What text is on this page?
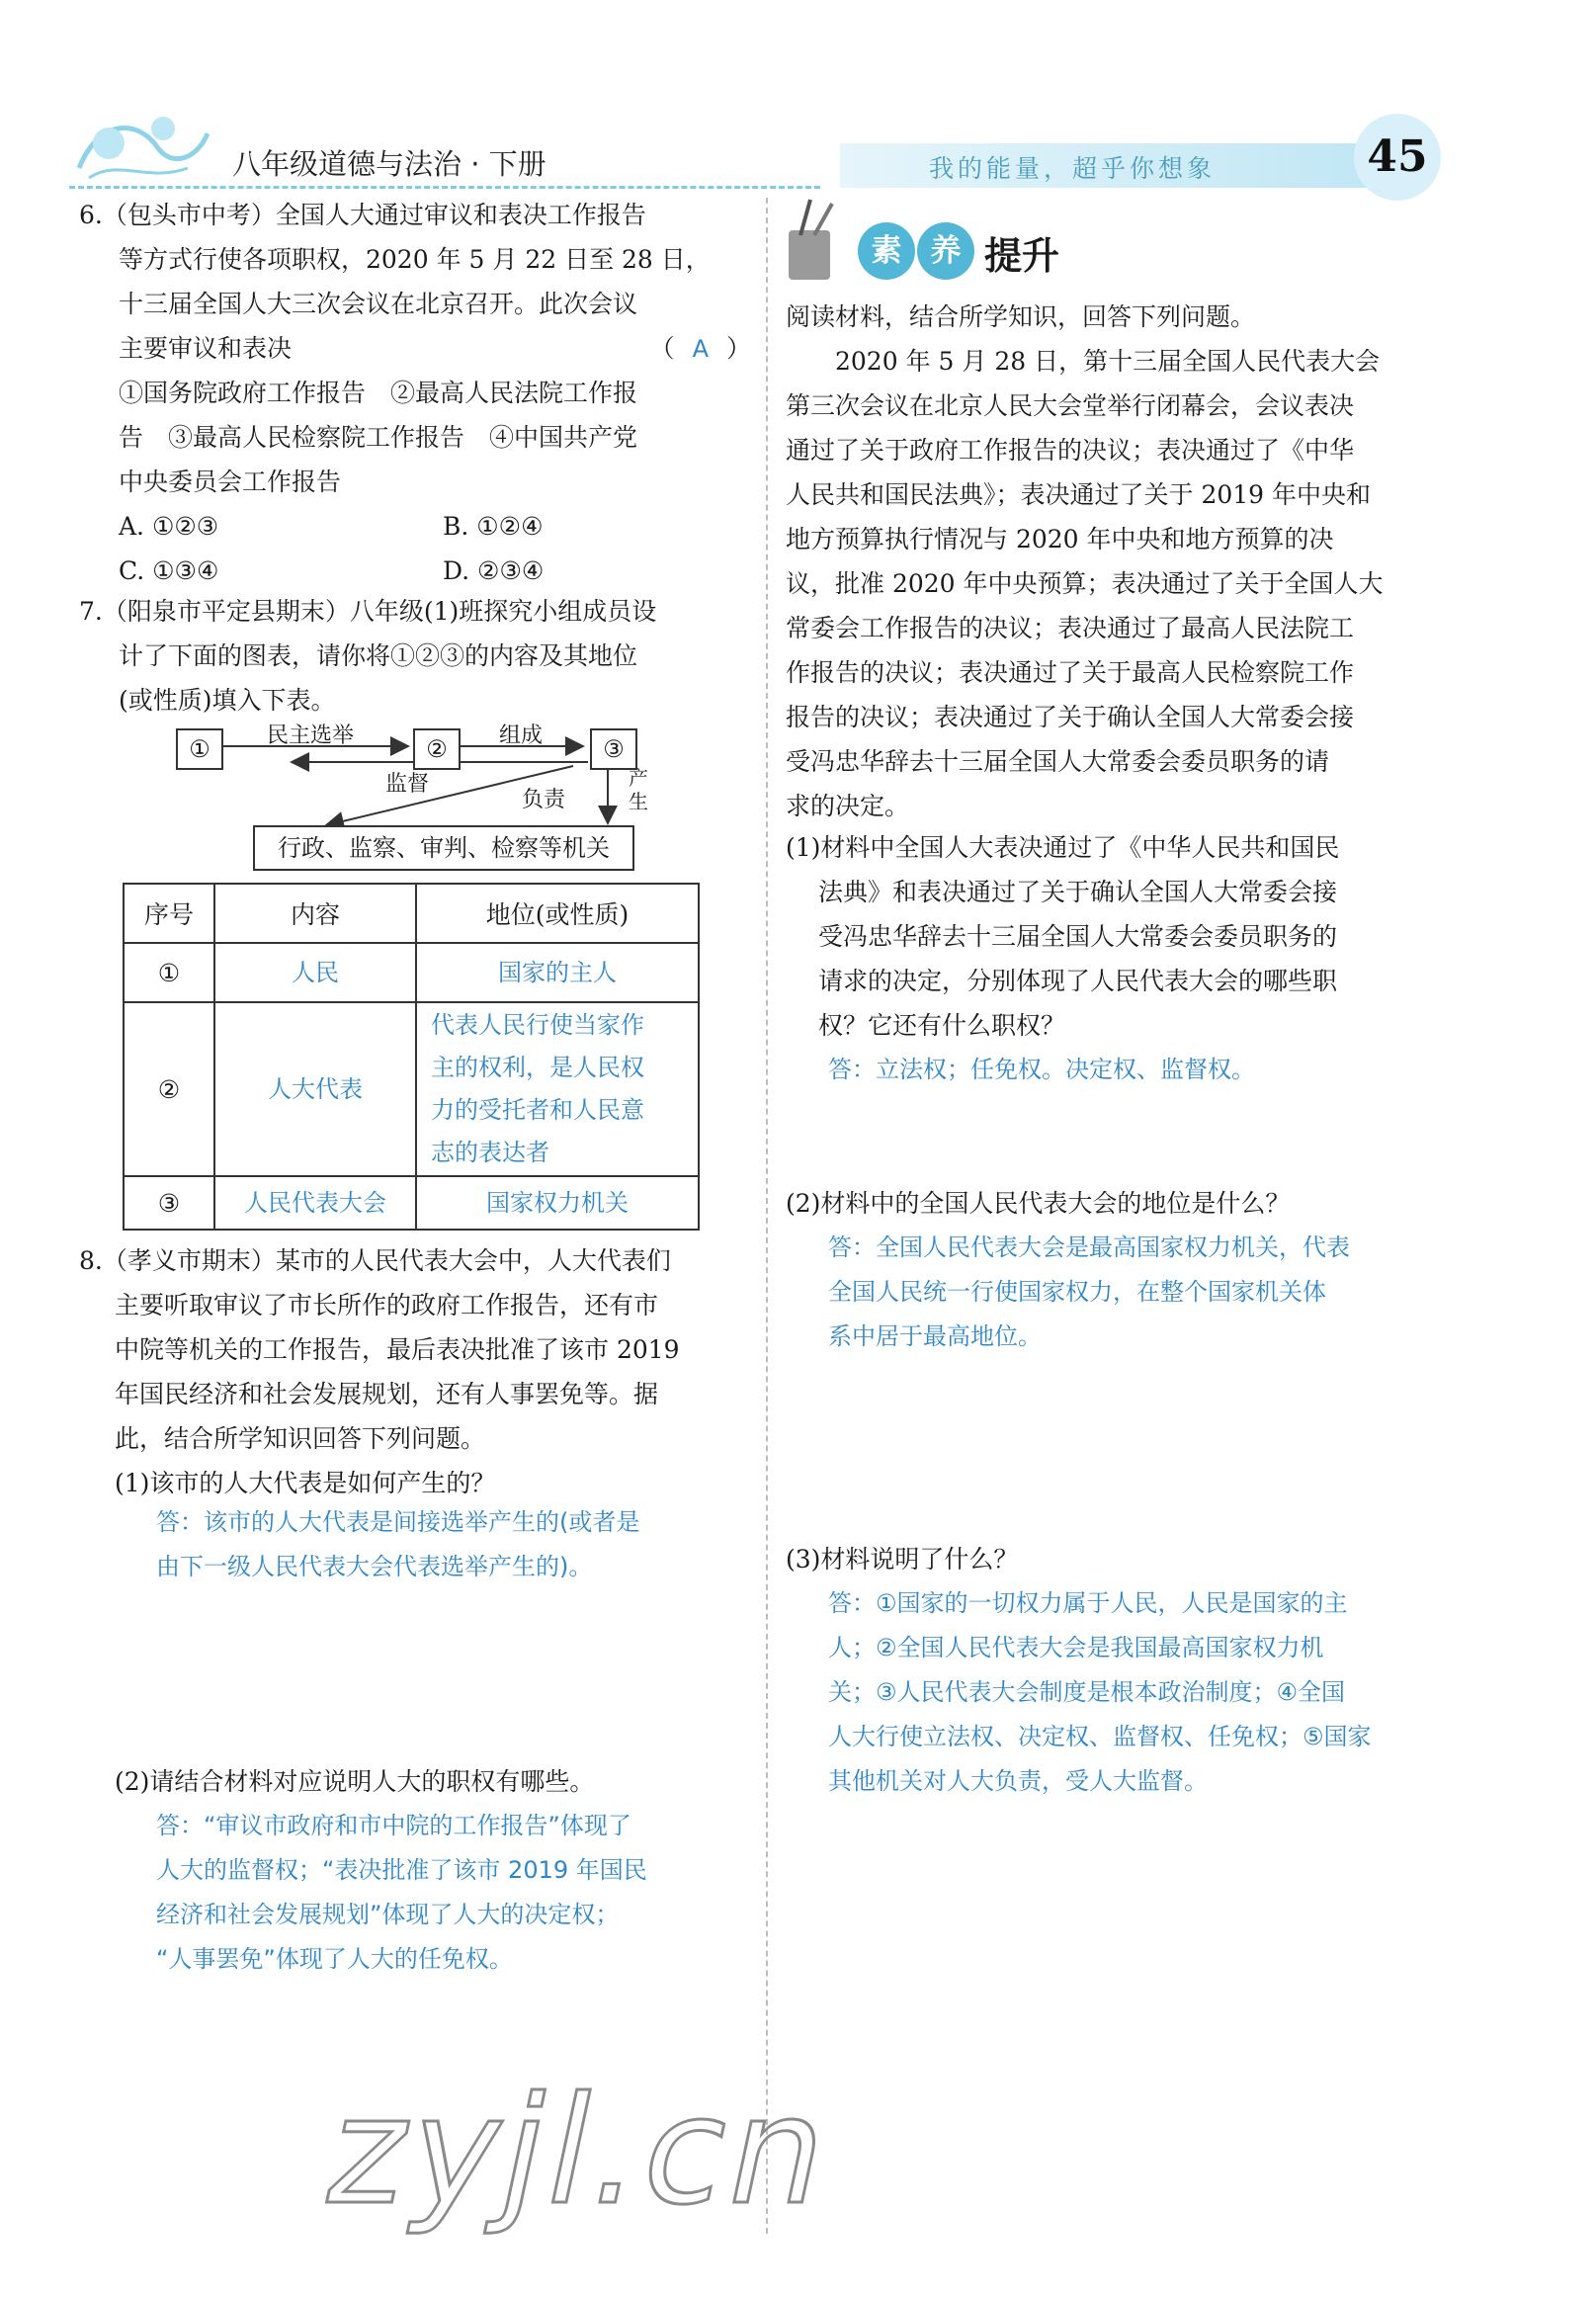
八年级道德与法治 · 下册	我的能量，超乎你想象	45
6.（包头市中考）全国人大通过审议和表决工作报告
等方式行使各项职权，2020 年 5 月 22 日至 28 日，
十三届全国人大三次会议在北京召开。此次会议
主要审议和表决	（ A ）
①国务院政府工作报告　②最高人民法院工作报
告　③最高人民检察院工作报告　④中国共产党
中央委员会工作报告
A. ①②③	B. ①②④
C. ①③④	D. ②③④
7.（阳泉市平定县期末）八年级(1)班探究小组成员设
计了下面的图表，请你将①②③的内容及其地位
(或性质)填入下表。
①	②	③
民主选举	组成
监督
负责
产生
行政、监察、审判、检察等机关
序号	内容	地位(或性质)
①	人民	国家的主人
②	人大代表	代表人民行使当家作
主的权利，是人民权
力的受托者和人民意
志的表达者

③	人民代表大会	国家权力机关
8.（孝义市期末）某市的人民代表大会中，人大代表们
主要听取审议了市长所作的政府工作报告，还有市
中院等机关的工作报告，最后表决批准了该市 2019
年国民经济和社会发展规划，还有人事罢免等。据
此，结合所学知识回答下列问题。
(1)该市的人大代表是如何产生的？
答：该市的人大代表是间接选举产生的(或者是
由下一级人民代表大会代表选举产生的)。
(2)请结合材料对应说明人大的职权有哪些。
答：“审议市政府和市中院的工作报告”体现了
人大的监督权；“表决批准了该市 2019 年国民
经济和社会发展规划”体现了人大的决定权；
“人事罢免”体现了人大的任免权。
素 养 提升
阅读材料，结合所学知识，回答下列问题。
　　2020 年 5 月 28 日，第十三届全国人民代表大会
第三次会议在北京人民大会堂举行闭幕会，会议表决
通过了关于政府工作报告的决议；表决通过了《中华
人民共和国民法典》；表决通过了关于 2019 年中央和
地方预算执行情况与 2020 年中央和地方预算的决
议，批准 2020 年中央预算；表决通过了关于全国人大
常委会工作报告的决议；表决通过了最高人民法院工
作报告的决议；表决通过了关于最高人民检察院工作
报告的决议；表决通过了关于确认全国人大常委会接
受冯忠华辞去十三届全国人大常委会委员职务的请
求的决定。
(1)材料中全国人大表决通过了《中华人民共和国民
　 法典》和表决通过了关于确认全国人大常委会接
　 受冯忠华辞去十三届全国人大常委会委员职务的
　 请求的决定，分别体现了人民代表大会的哪些职
　 权？它还有什么职权？
答：立法权；任免权。决定权、监督权。
(2)材料中的全国人民代表大会的地位是什么？
答：全国人民代表大会是最高国家权力机关，代表
全国人民统一行使国家权力，在整个国家机关体
系中居于最高地位。
(3)材料说明了什么？
答：①国家的一切权力属于人民，人民是国家的主
人；②全国人民代表大会是我国最高国家权力机
关；③人民代表大会制度是根本政治制度；④全国
人大行使立法权、决定权、监督权、任免权；⑤国家
其他机关对人大负责，受人大监督。
zyjl.cn
